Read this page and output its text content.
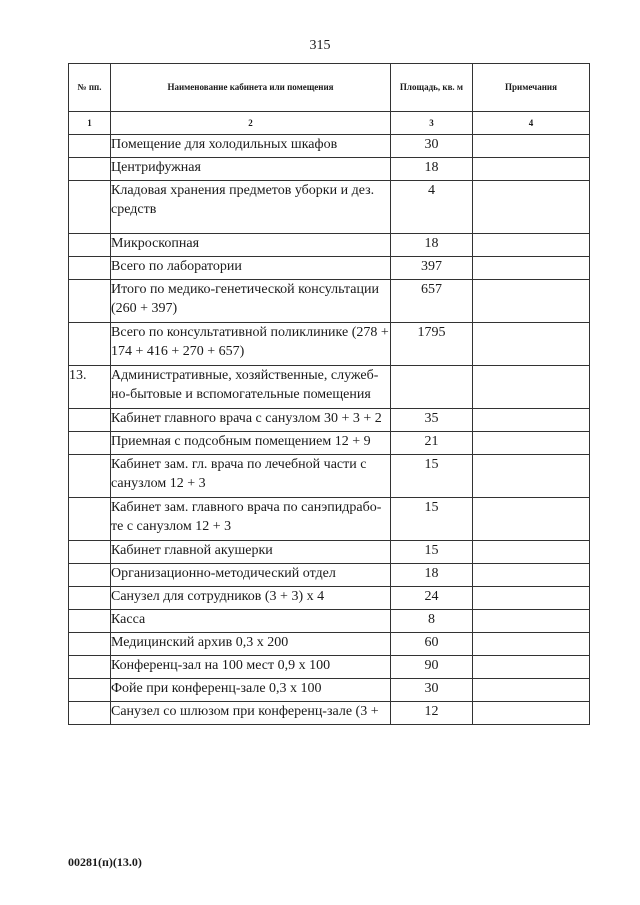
315
№ пп.	Наименование кабинета или помещения	Площадь, кв. м	Примечания
1	2	3	4
	Помещение для холодильных шкафов	30	
	Центрифужная	18	
	Кладовая хранения предметов уборки и дез. средств	4	
	Микроскопная	18	
	Всего по лаборатории	397	
	Итого по медико-генетической консультации (260 + 397)	657	
	Всего по консультативной поликлинике (278 + 174 + 416 + 270 + 657)	1795	
13.	Административные, хозяйственные, служеб-но-бытовые и вспомогательные помещения		
	Кабинет главного врача с санузлом 30 + 3 + 2	35	
	Приемная с подсобным помещением 12 + 9	21	
	Кабинет зам. гл. врача по лечебной части с санузлом 12 + 3	15	
	Кабинет зам. главного врача по санэпидрабо-те с санузлом 12 + 3	15	
	Кабинет главной акушерки	15	
	Организационно-методический отдел	18	
	Санузел для сотрудников (3 + 3) х 4	24	
	Касса	8	
	Медицинский архив 0,3 х 200	60	
	Конференц-зал на 100 мест 0,9 х 100	90	
	Фойе при конференц-зале 0,3 х 100	30	
	Санузел со шлюзом при конференц-зале (3 +	12	
00281(п)(13.0)
